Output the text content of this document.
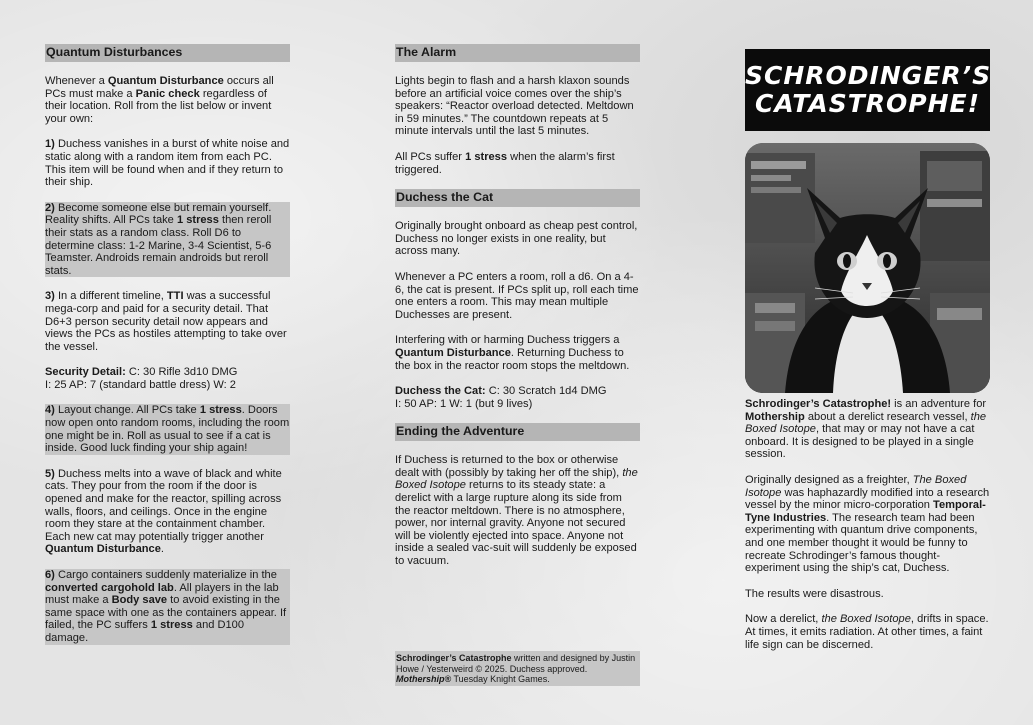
Quantum Disturbances

Whenever a Quantum Disturbance occurs all PCs must make a Panic check regardless of their location. Roll from the list below or invent your own:

1) Duchess vanishes in a burst of white noise and static along with a random item from each PC. This item will be found when and if they return to their ship.

2) Become someone else but remain yourself. Reality shifts. All PCs take 1 stress then reroll their stats as a random class. Roll D6 to determine class: 1-2 Marine, 3-4 Scientist, 5-6 Teamster. Androids remain androids but reroll stats.

3) In a different timeline, TTI was a successful mega-corp and paid for a security detail. That D6+3 person security detail now appears and views the PCs as hostiles attempting to take over the vessel.

Security Detail: C: 30 Rifle 3d10 DMG
I: 25 AP: 7 (standard battle dress) W: 2

4) Layout change. All PCs take 1 stress. Doors now open onto random rooms, including the room one might be in. Roll as usual to see if a cat is inside. Good luck finding your ship again!

5) Duchess melts into a wave of black and white cats. They pour from the room if the door is opened and make for the reactor, spilling across walls, floors, and ceilings. Once in the engine room they stare at the containment chamber. Each new cat may potentially trigger another Quantum Disturbance.

6) Cargo containers suddenly materialize in the converted cargohold lab. All players in the lab must make a Body save to avoid existing in the same space with one as the containers appear. If failed, the PC suffers 1 stress and D100 damage.

The Alarm

Lights begin to flash and a harsh klaxon sounds before an artificial voice comes over the ship’s speakers: “Reactor overload detected. Meltdown in 59 minutes.” The countdown repeats at 5 minute intervals until the last 5 minutes.

All PCs suffer 1 stress when the alarm’s first triggered.

Duchess the Cat

Originally brought onboard as cheap pest control, Duchess no longer exists in one reality, but across many.

Whenever a PC enters a room, roll a d6. On a 4-6, the cat is present. If PCs split up, roll each time one enters a room. This may mean multiple Duchesses are present.

Interfering with or harming Duchess triggers a Quantum Disturbance. Returning Duchess to the box in the reactor room stops the meltdown.

Duchess the Cat: C: 30 Scratch 1d4 DMG
I: 50 AP: 1 W: 1 (but 9 lives)

Ending the Adventure

If Duchess is returned to the box or otherwise dealt with (possibly by taking her off the ship), the Boxed Isotope returns to its steady state: a derelict with a large rupture along its side from the reactor meltdown. There is no atmosphere, power, nor internal gravity. Anyone not secured will be violently ejected into space. Anyone not inside a sealed vac-suit will suddenly be exposed to vacuum.

Schrodinger’s Catastrophe written and designed by Justin Howe / Yesterweird © 2025. Duchess approved.
Mothership® Tuesday Knight Games.
SCHRODINGER’S
CATASTROPHE!

Schrodinger’s Catastrophe! is an adventure for Mothership about a derelict research vessel, the Boxed Isotope, that may or may not have a cat onboard. It is designed to be played in a single session.

Originally designed as a freighter, The Boxed Isotope was haphazardly modified into a research vessel by the minor micro-corporation Temporal-Tyne Industries. The research team had been experimenting with quantum drive components, and one member thought it would be funny to recreate Schrodinger’s famous thought-experiment using the ship’s cat, Duchess.

The results were disastrous.

Now a derelict, the Boxed Isotope, drifts in space. At times, it emits radiation. At other times, a faint life sign can be discerned.
